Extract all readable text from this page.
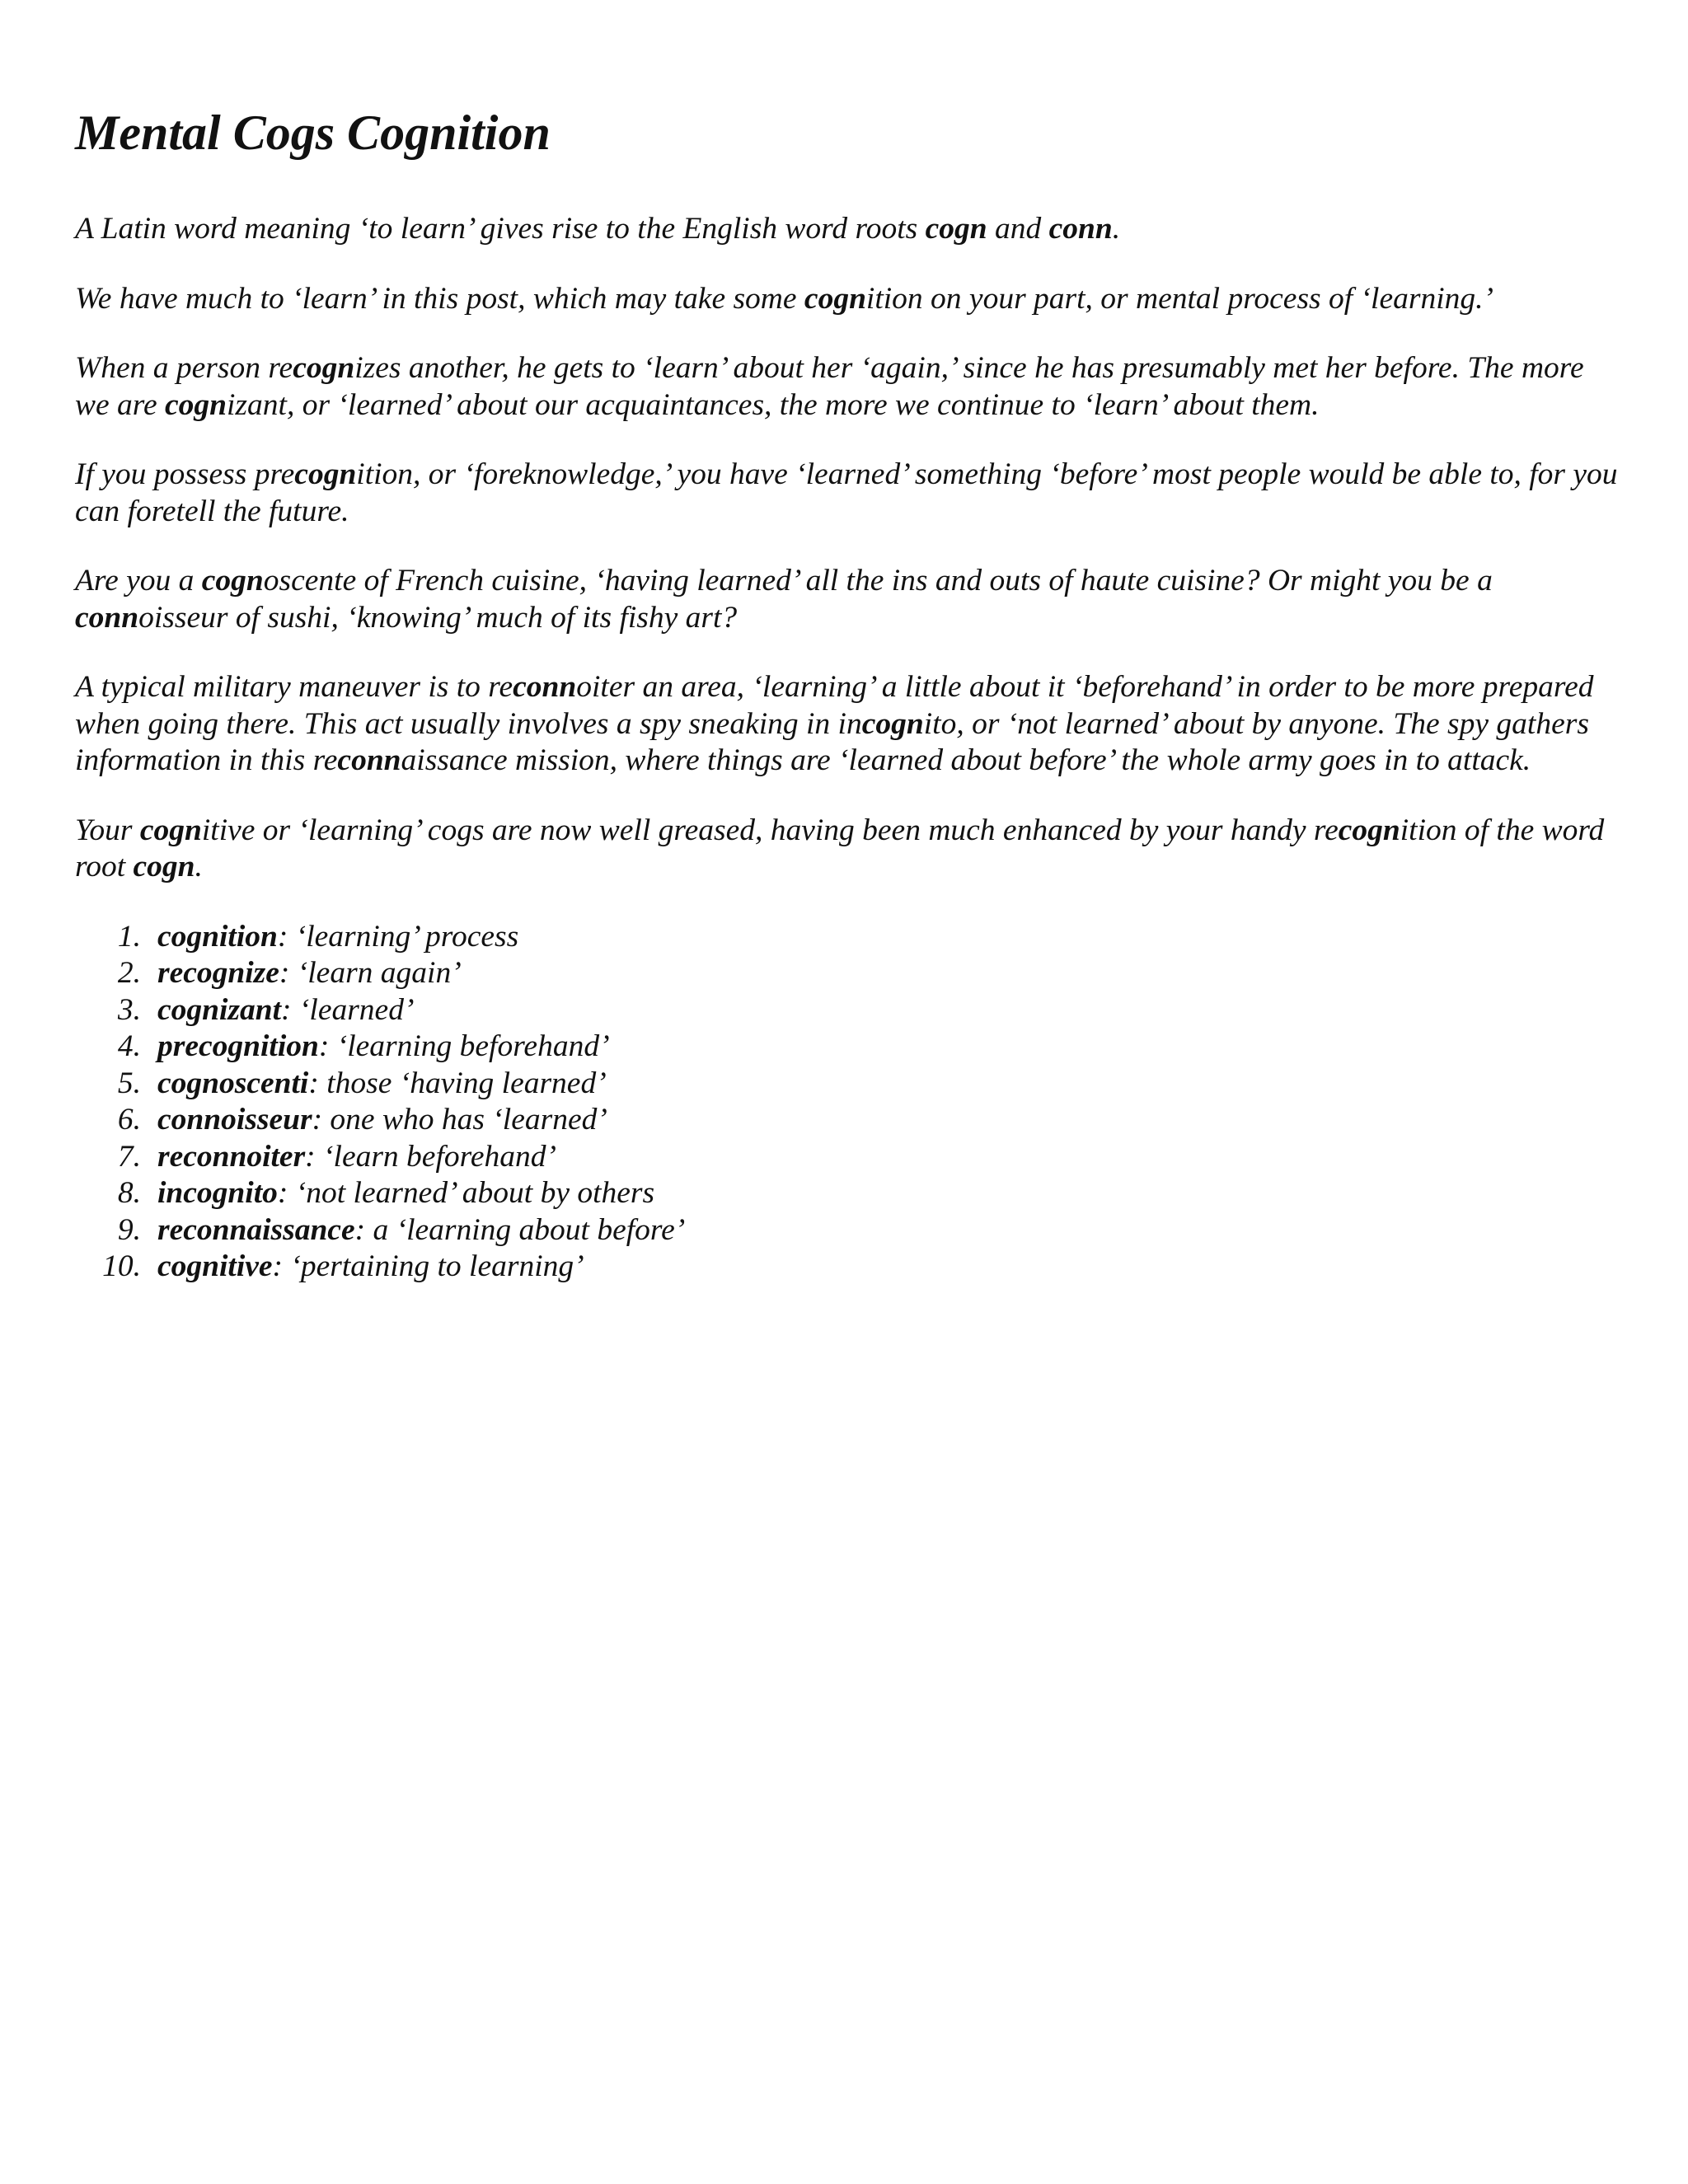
Mental Cogs Cognition

A Latin word meaning ‘to learn’ gives rise to the English word roots cogn and conn.

We have much to ‘learn’ in this post, which may take some cognition on your part, or mental process of ‘learning.’

When a person recognizes another, he gets to ‘learn’ about her ‘again,’ since he has presumably met her before. The more we are cognizant, or ‘learned’ about our acquaintances, the more we continue to ‘learn’ about them.

If you possess precognition, or ‘foreknowledge,’ you have ‘learned’ something ‘before’ most people would be able to, for you can foretell the future.

Are you a cognoscente of French cuisine, ‘having learned’ all the ins and outs of haute cuisine? Or might you be a connoisseur of sushi, ‘knowing’ much of its fishy art?

A typical military maneuver is to reconnoiter an area, ‘learning’ a little about it ‘beforehand’ in order to be more prepared when going there. This act usually involves a spy sneaking in incognito, or ‘not learned’ about by anyone. The spy gathers information in this reconnaissance mission, where things are ‘learned about before’ the whole army goes in to attack.

Your cognitive or ‘learning’ cogs are now well greased, having been much enhanced by your handy recognition of the word root cogn.

1. cognition: ‘learning’ process
2. recognize: ‘learn again’
3. cognizant: ‘learned’
4. precognition: ‘learning beforehand’
5. cognoscenti: those ‘having learned’
6. connoisseur: one who has ‘learned’
7. reconnoiter: ‘learn beforehand’
8. incognito: ‘not learned’ about by others
9. reconnaissance: a ‘learning about before’
10. cognitive: ‘pertaining to learning’
